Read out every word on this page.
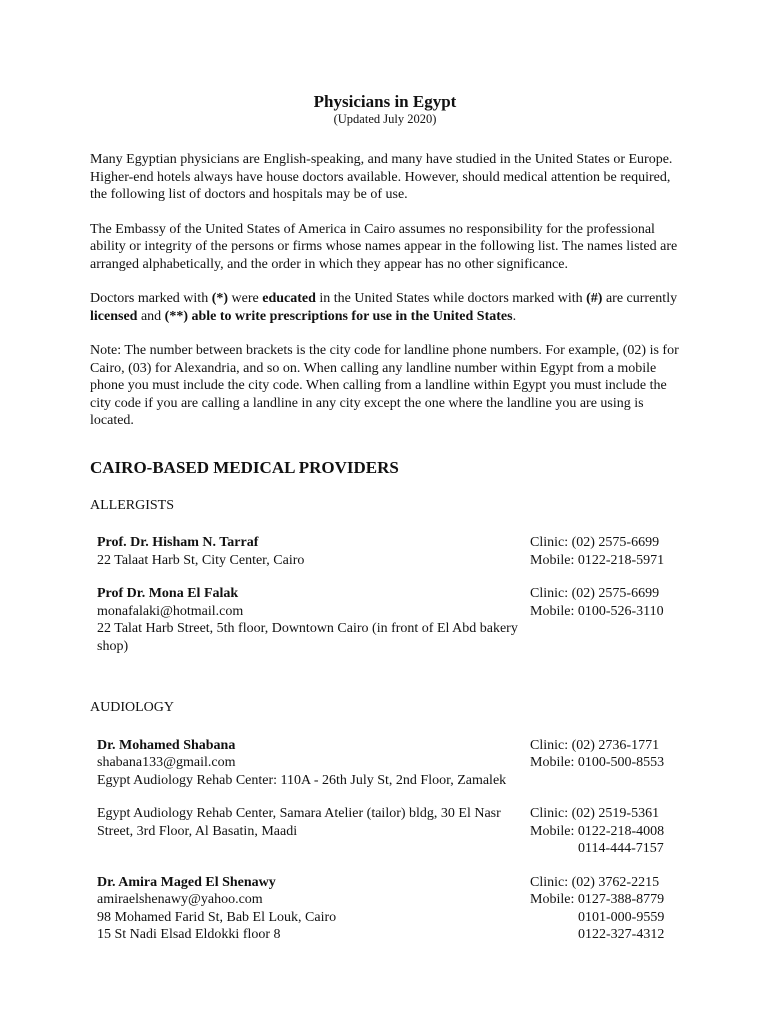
Physicians in Egypt
(Updated July 2020)

Many Egyptian physicians are English-speaking, and many have studied in the United States or Europe. Higher-end hotels always have house doctors available. However, should medical attention be required, the following list of doctors and hospitals may be of use.

The Embassy of the United States of America in Cairo assumes no responsibility for the professional ability or integrity of the persons or firms whose names appear in the following list. The names listed are arranged alphabetically, and the order in which they appear has no other significance.

Doctors marked with (*) were educated in the United States while doctors marked with (#) are currently licensed and (**) able to write prescriptions for use in the United States.

Note: The number between brackets is the city code for landline phone numbers. For example, (02) is for Cairo, (03) for Alexandria, and so on. When calling any landline number within Egypt from a mobile phone you must include the city code. When calling from a landline within Egypt you must include the city code if you are calling a landline in any city except the one where the landline you are using is located.

CAIRO-BASED MEDICAL PROVIDERS
ALLERGISTS
Prof. Dr. Hisham N. Tarraf
22 Talaat Harb St, City Center, Cairo
Clinic: (02) 2575-6699
Mobile: 0122-218-5971
Prof Dr. Mona El Falak
monafalaki@hotmail.com
22 Talat Harb Street, 5th floor, Downtown Cairo (in front of El Abd bakery shop)
Clinic: (02) 2575-6699
Mobile: 0100-526-3110
AUDIOLOGY
Dr. Mohamed Shabana
shabana133@gmail.com
Egypt Audiology Rehab Center: 110A - 26th July St, 2nd Floor, Zamalek
Clinic: (02) 2736-1771
Mobile: 0100-500-8553
Egypt Audiology Rehab Center, Samara Atelier (tailor) bldg, 30 El Nasr Street, 3rd Floor, Al Basatin, Maadi
Clinic: (02) 2519-5361
Mobile: 0122-218-4008
0114-444-7157
Dr. Amira Maged El Shenawy
amiraelshenawy@yahoo.com
98 Mohamed Farid St, Bab El Louk, Cairo
15 St Nadi Elsad Eldokki floor 8
Clinic: (02) 3762-2215
Mobile: 0127-388-8779
0101-000-9559
0122-327-4312
